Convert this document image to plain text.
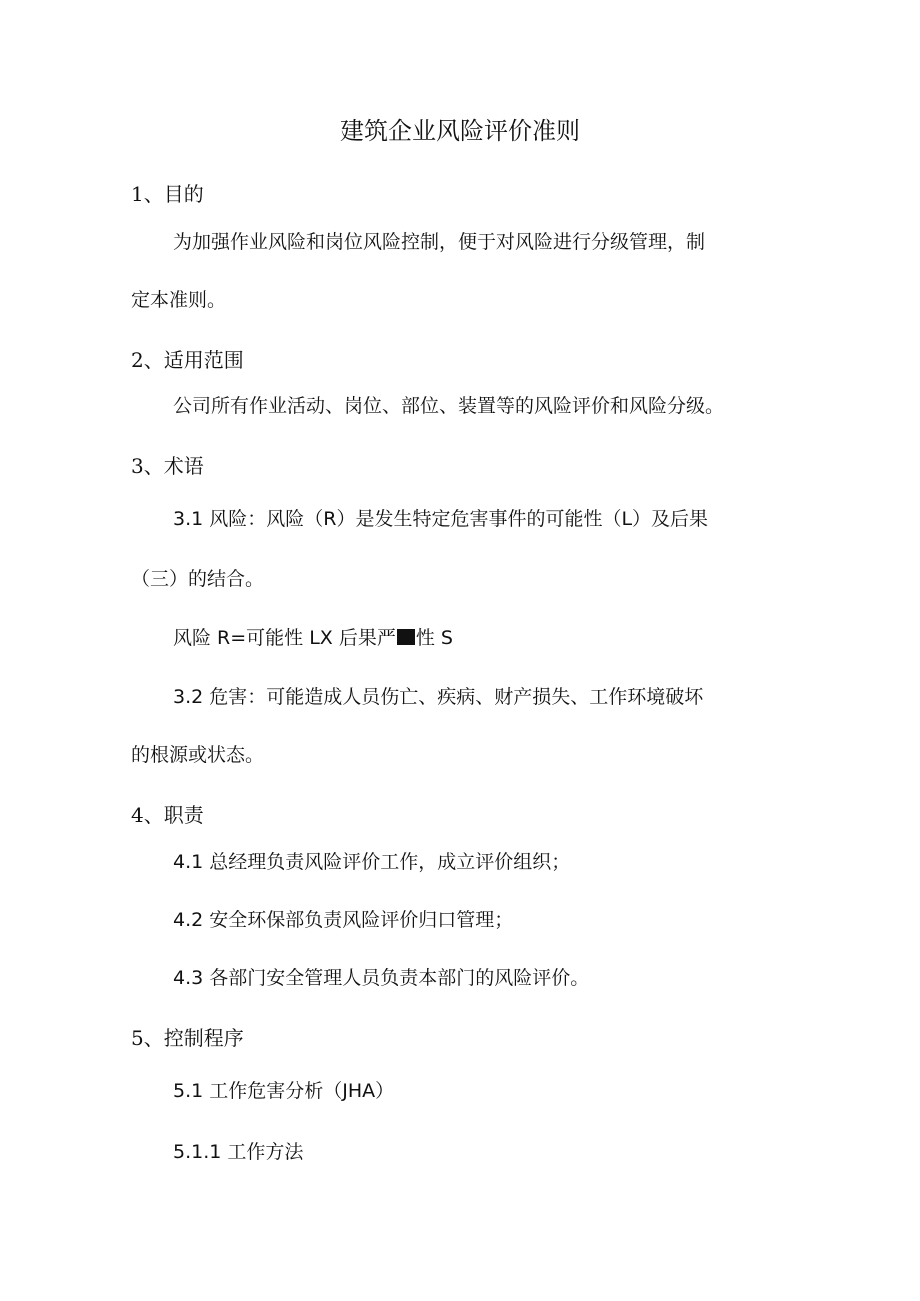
建筑企业风险评价准则
1、目的
为加强作业风险和岗位风险控制，便于对风险进行分级管理，制
定本准则。
2、适用范围
公司所有作业活动、岗位、部位、装置等的风险评价和风险分级。
3、术语
3.1 风险：风险（R）是发生特定危害事件的可能性（L）及后果
（三）的结合。
风险 R=可能性 LX 后果严 性 S
3.2 危害：可能造成人员伤亡、疾病、财产损失、工作环境破坏
的根源或状态。
4、职责
4.1 总经理负责风险评价工作，成立评价组织；
4.2 安全环保部负责风险评价归口管理；
4.3 各部门安全管理人员负责本部门的风险评价。
5、控制程序
5.1 工作危害分析（JHA）
5.1.1 工作方法
